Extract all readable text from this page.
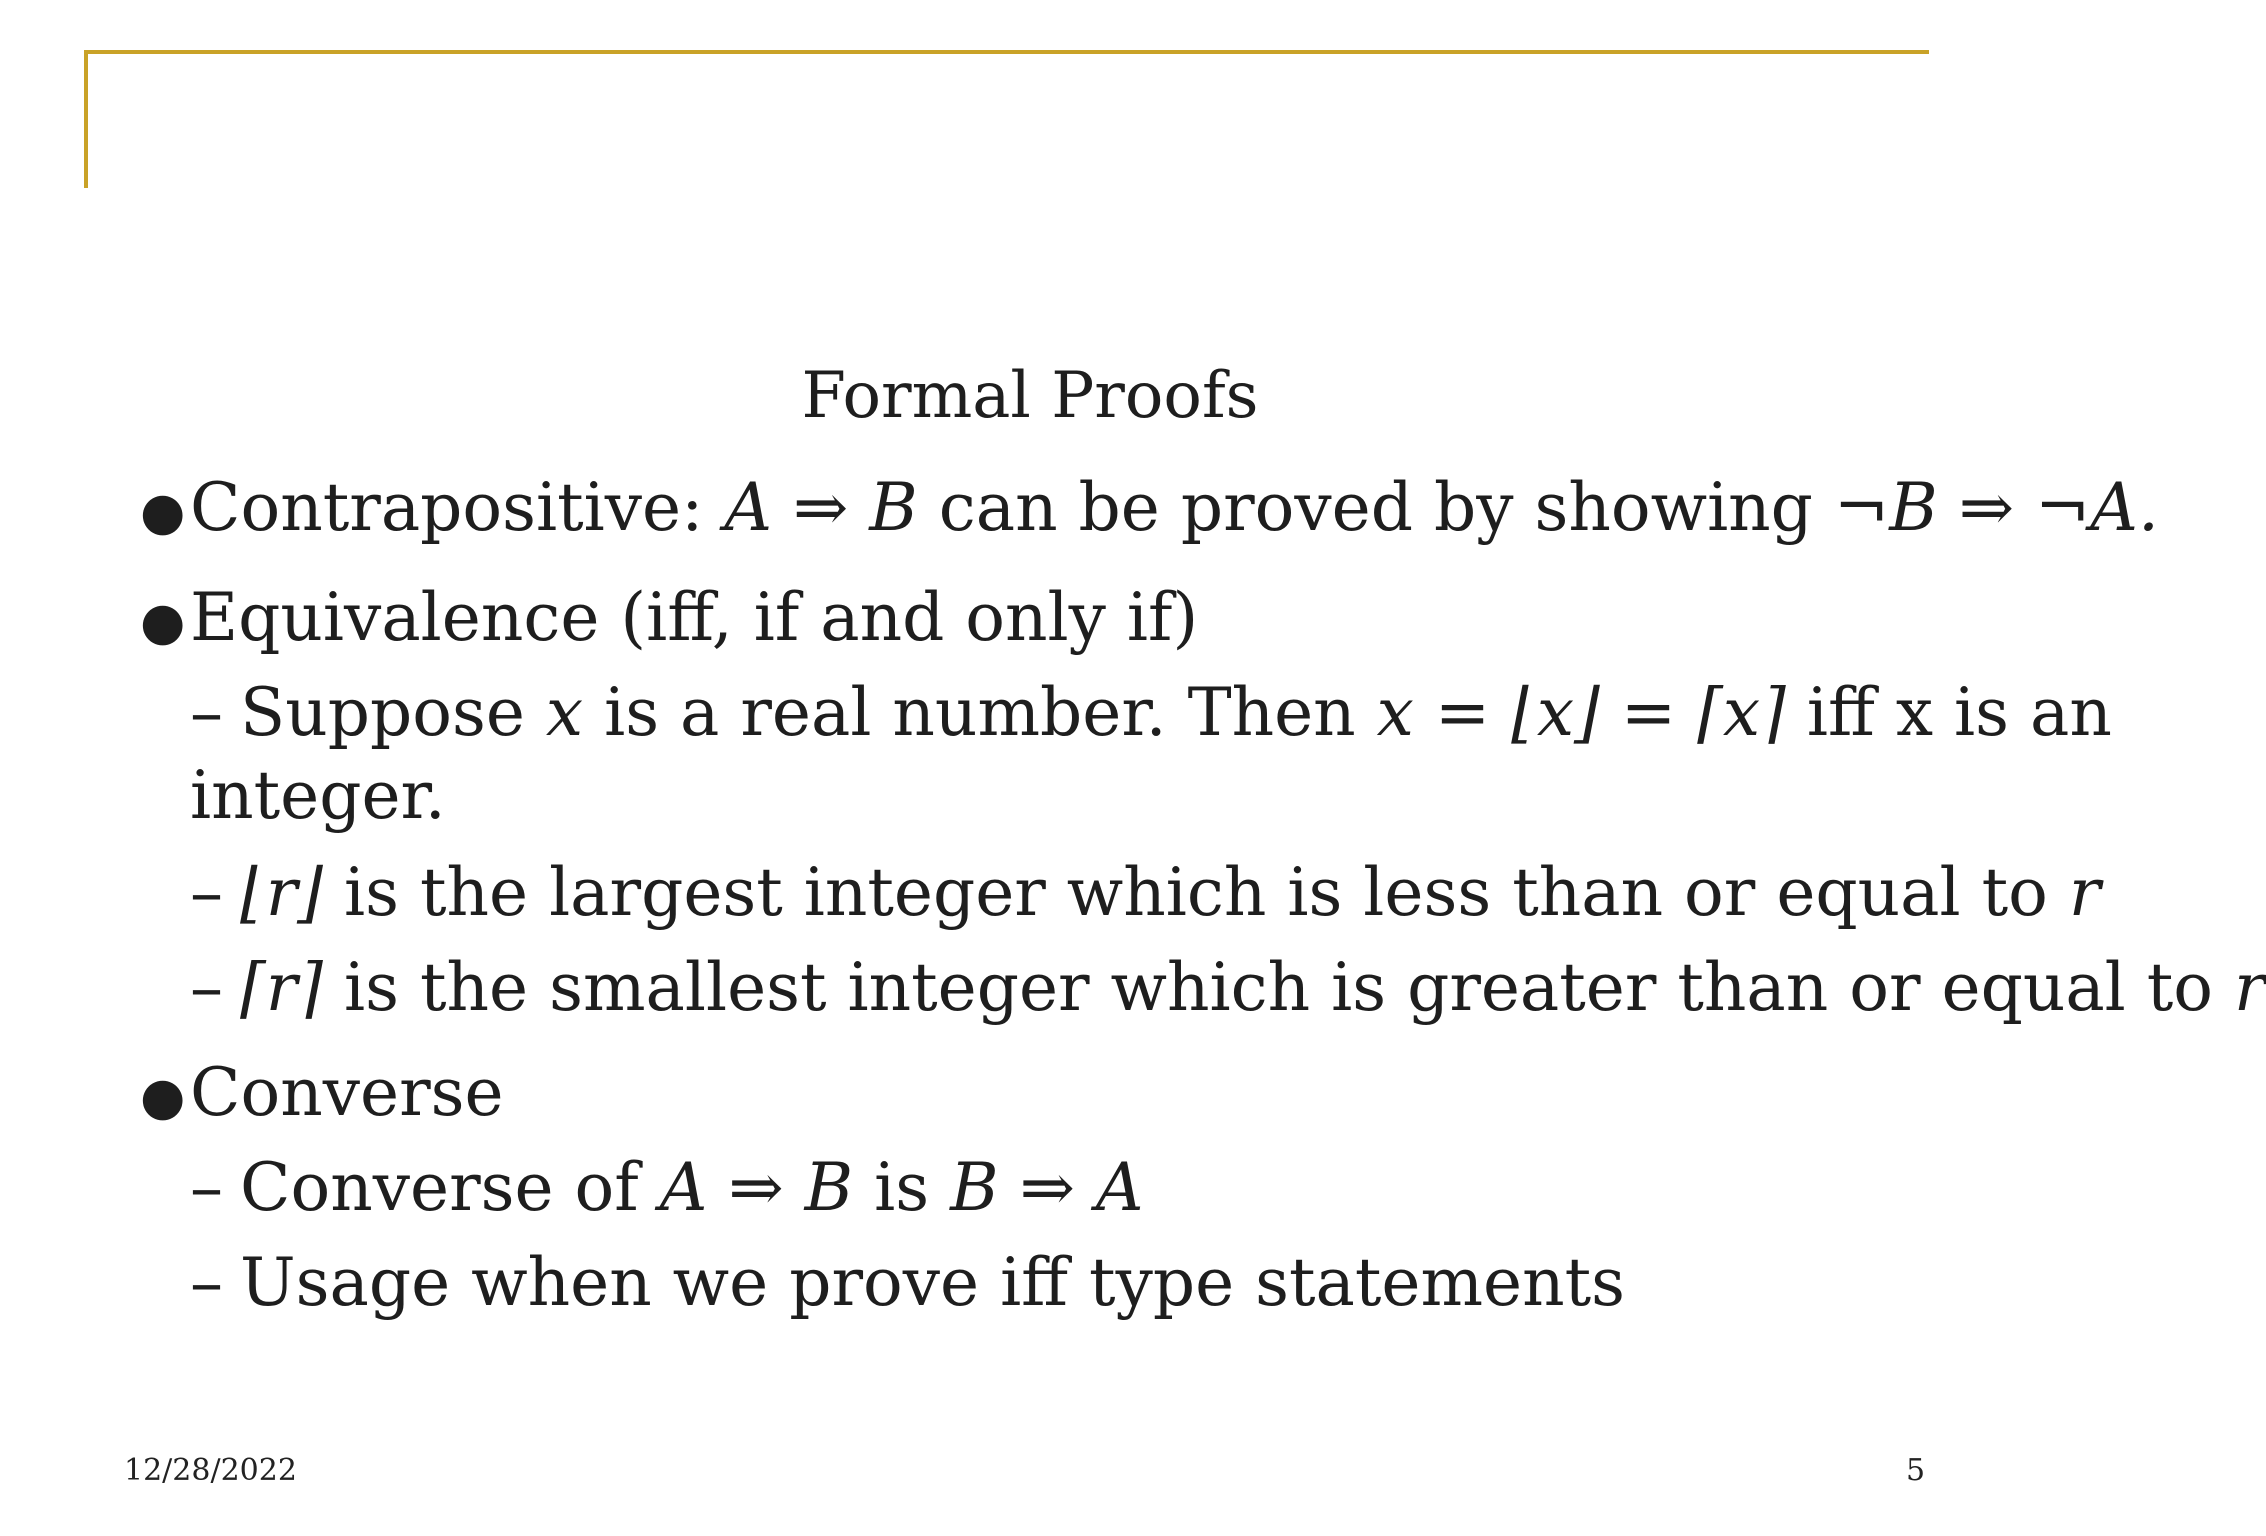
Formal Proofs
●Contrapositive: A ⇒ B can be proved by showing ¬B ⇒ ¬A.
●Equivalence (iff, if and only if)
– Suppose x is a real number. Then x = ⌊x⌋ = ⌈x⌉ iff x is an
integer.
– ⌊r⌋ is the largest integer which is less than or equal to r
– ⌈r⌉ is the smallest integer which is greater than or equal to r
●Converse
– Converse of A ⇒ B is B ⇒ A
– Usage when we prove iff type statements
12/28/2022	5
